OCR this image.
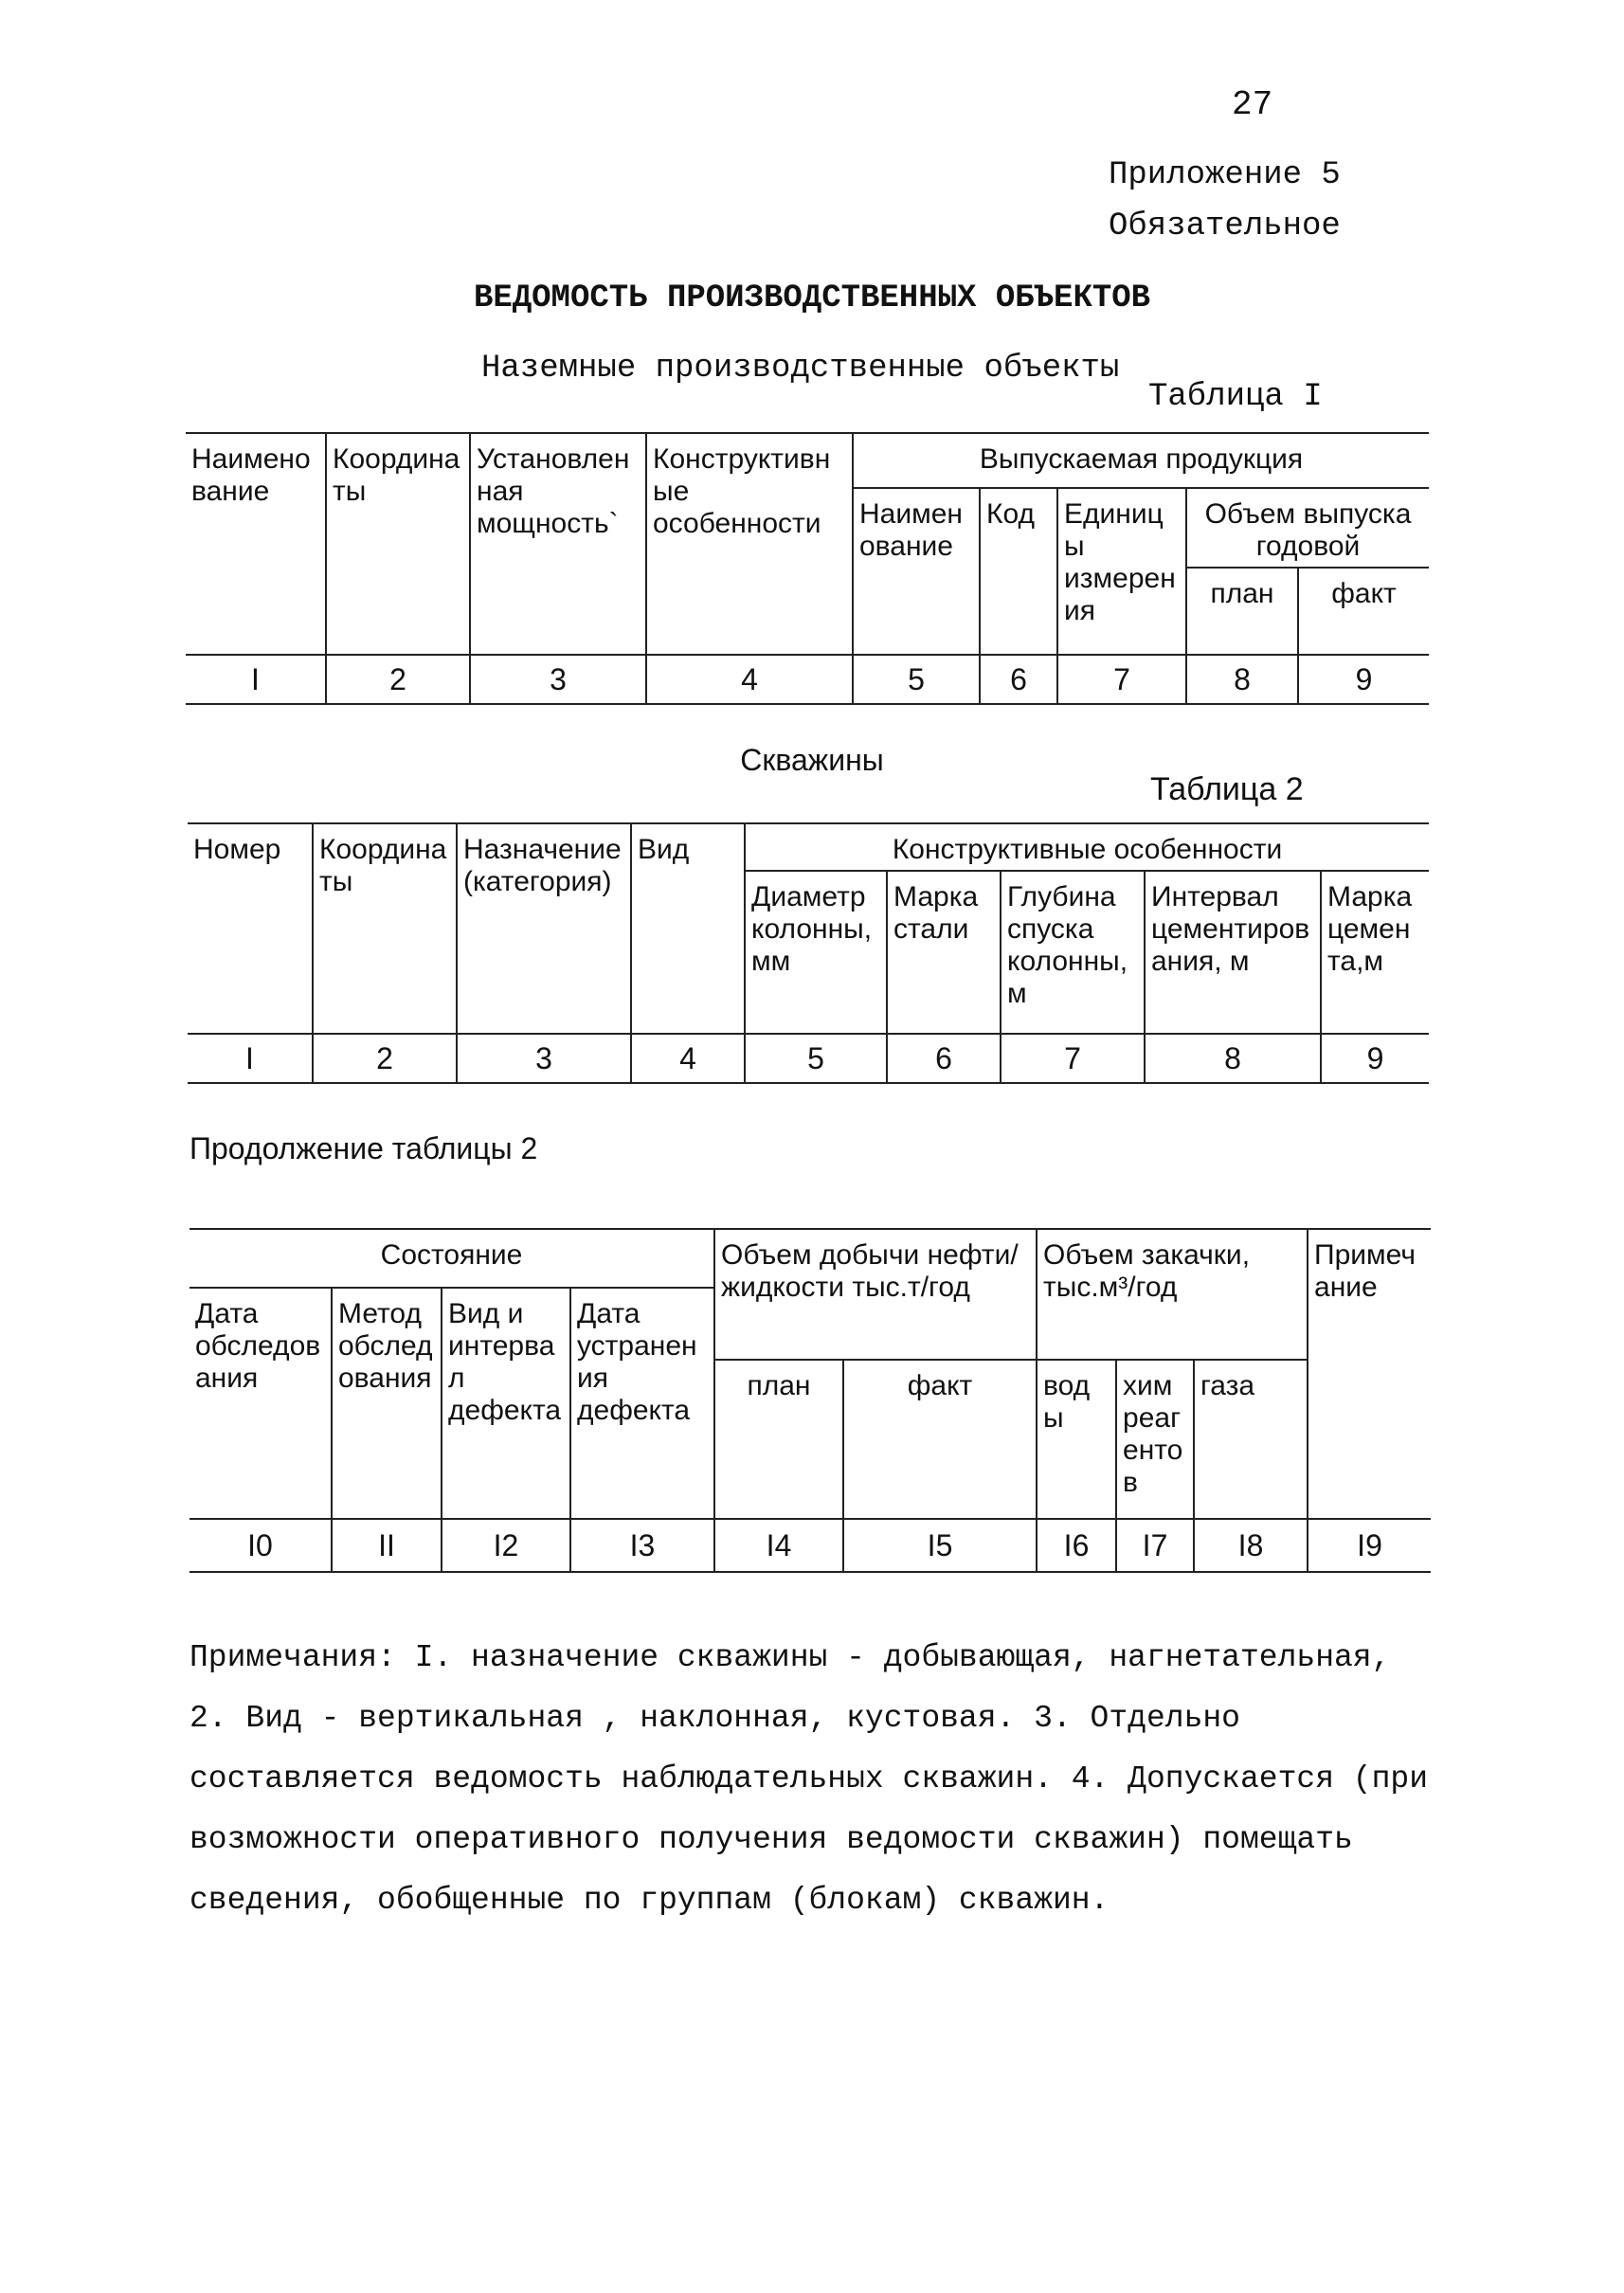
27
Приложение 5
Обязательное
ВЕДОМОСТЬ ПРОИЗВОДСТВЕННЫХ ОБЪЕКТОВ
Наземные производственные объекты
Таблица I
Наименование	Координаты	Установленная мощность`	Конструктивные особенности	Выпускаемая продукция				
				Наименование	Код	Единицы измерения	Объем выпуска годовой	
							план	факт
I	2	3	4	5	6	7	8	9
Скважины
Таблица 2
Номер	Координаты	Назначение (категория)	Вид	Конструктивные особенности				
				Диаметр колонны, мм	Марка стали	Глубина спуска колонны, м	Интервал цементирования, м	Марка цемента,м
I	2	3	4	5	6	7	8	9
Продолжение таблицы 2
Состояние				Объем добычи нефти/жидкости тыс.т/год		Объем закачки, тыс.м³/год			Примечание
Дата обследования	Метод обследования	Вид и интервал дефекта	Дата устранения дефекта						
				план	факт	воды	химреагентов	газа	
I0	II	I2	I3	I4	I5	I6	I7	I8	I9
Примечания: I. назначение скважины - добывающая, нагнетательная, 2. Вид - вертикальная , наклонная, кустовая. 3. Отдельно составляется ведомость наблюдательных скважин. 4. Допускается (при возможности оперативного получения ведомости скважин) помещать сведения, обобщенные по группам (блокам) скважин.
